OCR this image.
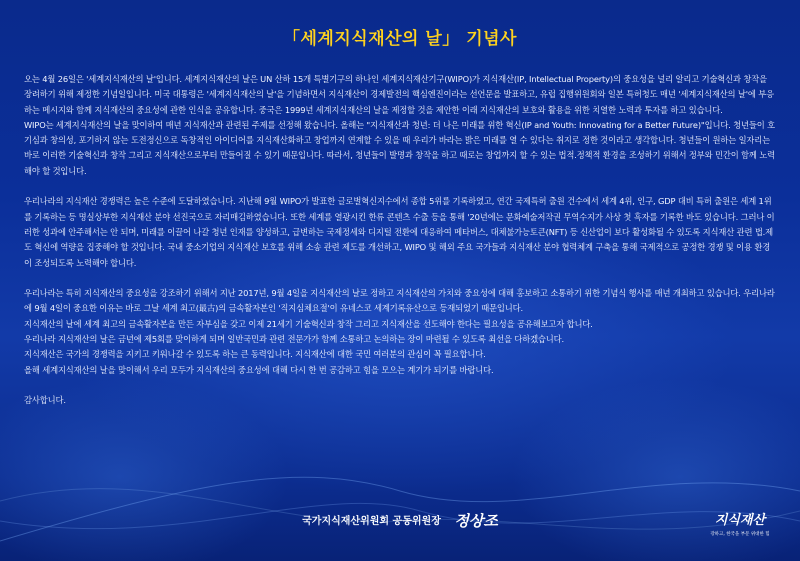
「세계지식재산의 날」 기념사

오는 4월 26일은 '세계지식재산의 날'입니다. 세계지식재산의 날은 UN 산하 15개 특별기구의 하나인 세계지식재산기구(WIPO)가 지식재산(IP, Intellectual Property)의 중요성을 널리 알리고 기술혁신과 창작을 장려하기 위해 제정한 기념일입니다. 미국 대통령은 '세계지식재산의 날'을 기념하면서 지식재산이 경제발전의 핵심엔진이라는 선언문을 발표하고, 유럽 집행위원회와 일본 특허청도 매년 '세계지식재산의 날'에 부응하는 메시지와 함께 지식재산의 중요성에 관한 인식을 공유합니다. 중국은 1999년 세계지식재산의 날을 제정할 것을 제안한 이래 지식재산의 보호와 활용을 위한 치열한 노력과 투자를 하고 있습니다.

WIPO는 세계지식재산의 날을 맞이하여 매년 지식재산과 관련된 주제를 선정해 왔습니다. 올해는 "지식재산과 청년: 더 나은 미래를 위한 혁신(IP and Youth: Innovating for a Better Future)"입니다. 청년들이 호기심과 창의성, 포기하지 않는 도전정신으로 독창적인 아이디어를 지식재산화하고 창업까지 연계할 수 있을 때 우리가 바라는 밝은 미래를 열 수 있다는 취지로 정한 것이라고 생각합니다. 청년들이 원하는 일자리는 바로 이러한 기술혁신과 창작 그리고 지식재산으로부터 만들어질 수 있기 때문입니다. 따라서, 청년들이 발명과 창작을 하고 때로는 창업까지 할 수 있는 법적.정책적 환경을 조성하기 위해서 정부와 민간이 함께 노력해야 할 것입니다.

우리나라의 지식재산 경쟁력은 높은 수준에 도달하였습니다. 지난해 9월 WIPO가 발표한 글로벌혁신지수에서 종합 5위를 기록하였고, 연간 국제특허 출원 건수에서 세계 4위, 인구, GDP 대비 특허 출원은 세계 1위를 기록하는 등 명실상부한 지식재산 분야 선진국으로 자리매김하였습니다. 또한 세계를 열광시킨 한류 콘텐츠 수출 등을 통해 '20년에는 문화예술저작권 무역수지가 사상 첫 흑자를 기록한 바도 있습니다. 그러나 이러한 성과에 안주해서는 안 되며, 미래를 이끌어 나갈 청년 인재를 양성하고, 급변하는 국제정세와 디지털 전환에 대응하여 메타버스, 대체불가능토큰(NFT) 등 신산업이 보다 활성화될 수 있도록 지식재산 관련 법.제도 혁신에 역량을 집중해야 할 것입니다. 국내 중소기업의 지식재산 보호를 위해 소송 관련 제도를 개선하고, WIPO 및 해외 주요 국가들과 지식재산 분야 협력체계 구축을 통해 국제적으로 공정한 경쟁 및 이용 환경이 조성되도록 노력해야 합니다.

우리나라는 특히 지식재산의 중요성을 강조하기 위해서 지난 2017년, 9월 4일을 지식재산의 날로 정하고 지식재산의 가치와 중요성에 대해 홍보하고 소통하기 위한 기념식 행사를 매년 개최하고 있습니다. 우리나라에 9월 4일이 중요한 이유는 바로 그날 세계 최고(最古)의 금속활자본인 '직지심체요절'이 유네스코 세계기록유산으로 등재되었기 때문입니다.

지식재산의 날에 세계 최고의 금속활자본을 만든 자부심을 갖고 이제 21세기 기술혁신과 창작 그리고 지식재산을 선도해야 한다는 필요성을 공유해보고자 합니다.

우리나라 지식재산의 날은 금년에 제5회를 맞이하게 되며 일반국민과 관련 전문가가 함께 소통하고 논의하는 장이 마련될 수 있도록 최선을 다하겠습니다.

지식재산은 국가의 경쟁력을 지키고 키워나갈 수 있도록 하는 큰 동력입니다. 지식재산에 대한 국민 여러분의 관심이 꼭 필요합니다.

올해 세계지식재산의 날을 맞이해서 우리 모두가 지식재산의 중요성에 대해 다시 한 번 공감하고 힘을 모으는 계기가 되기를 바랍니다.

감사합니다.

국가지식재산위원회 공동위원장 정상조	지식재산
강하고, 한국을 부문 위대한 힘
